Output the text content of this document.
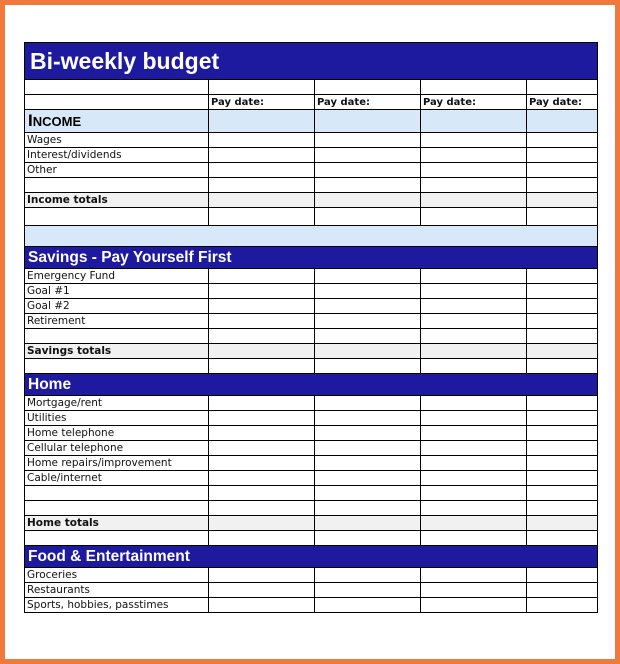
Bi-weekly budget				

	Pay date:	Pay date:	Pay date:	Pay date:
INCOME				
Wages				
Interest/dividends				
Other				

Income totals				

Savings - Pay Yourself First				
Emergency Fund				
Goal #1				
Goal #2				
Retirement				

Savings totals				

Home				
Mortgage/rent				
Utilities				
Home telephone				
Cellular telephone				
Home repairs/improvement				
Cable/internet				

Home totals				

Food & Entertainment				
Groceries				
Restaurants				
Sports, hobbies, passtimes				
